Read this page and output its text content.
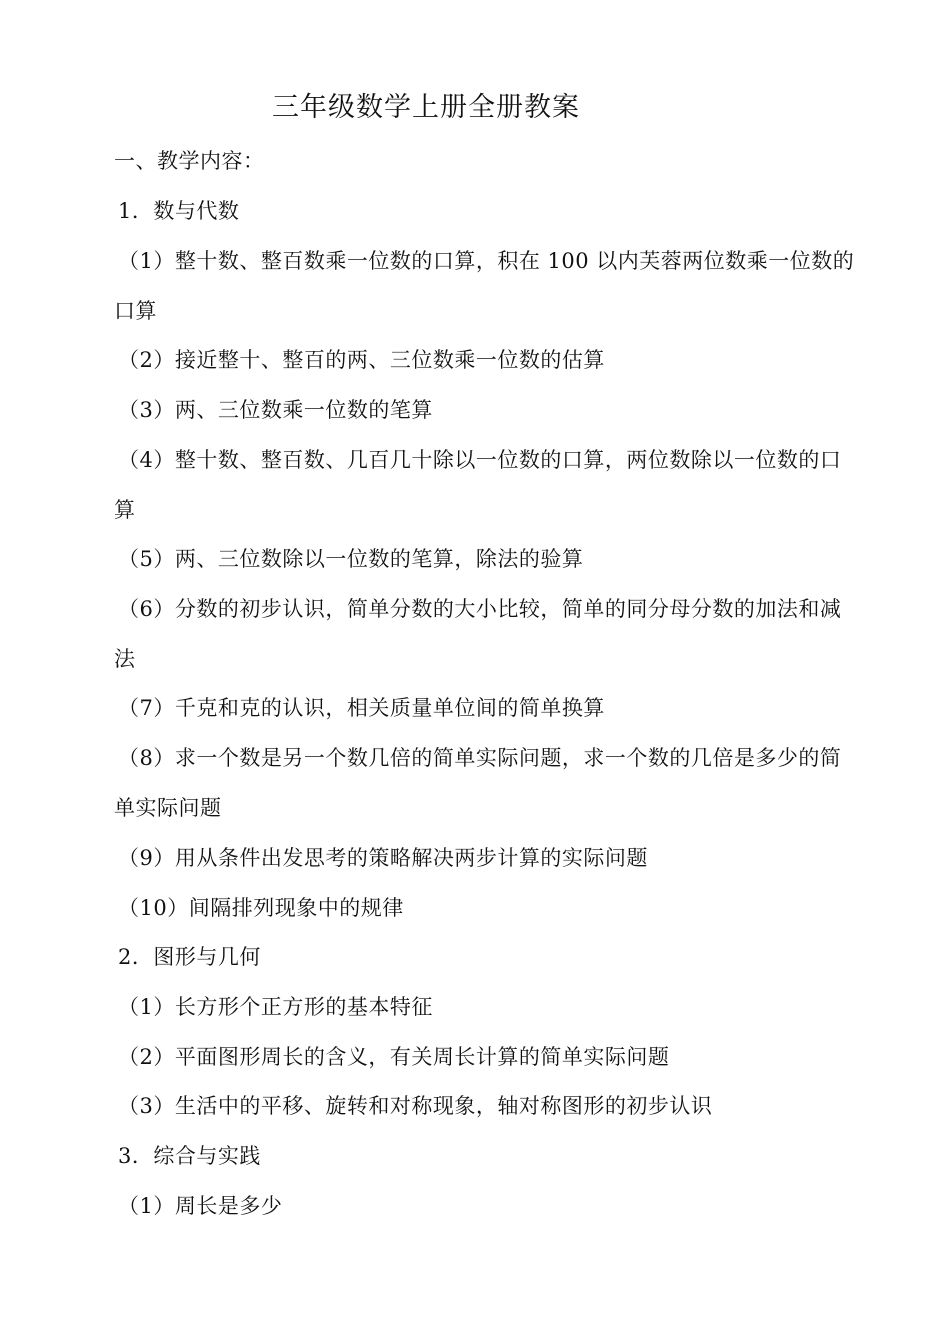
三年级数学上册全册教案
一、教学内容：
1．数与代数
（1）整十数、整百数乘一位数的口算，积在 100 以内芙蓉两位数乘一位数的
口算
（2）接近整十、整百的两、三位数乘一位数的估算
（3）两、三位数乘一位数的笔算
（4）整十数、整百数、几百几十除以一位数的口算，两位数除以一位数的口
算
（5）两、三位数除以一位数的笔算，除法的验算
（6）分数的初步认识，简单分数的大小比较，简单的同分母分数的加法和减
法
（7）千克和克的认识，相关质量单位间的简单换算
（8）求一个数是另一个数几倍的简单实际问题，求一个数的几倍是多少的简
单实际问题
（9）用从条件出发思考的策略解决两步计算的实际问题
（10）间隔排列现象中的规律
2．图形与几何
（1）长方形个正方形的基本特征
（2）平面图形周长的含义，有关周长计算的简单实际问题
（3）生活中的平移、旋转和对称现象，轴对称图形的初步认识
3．综合与实践
（1）周长是多少
